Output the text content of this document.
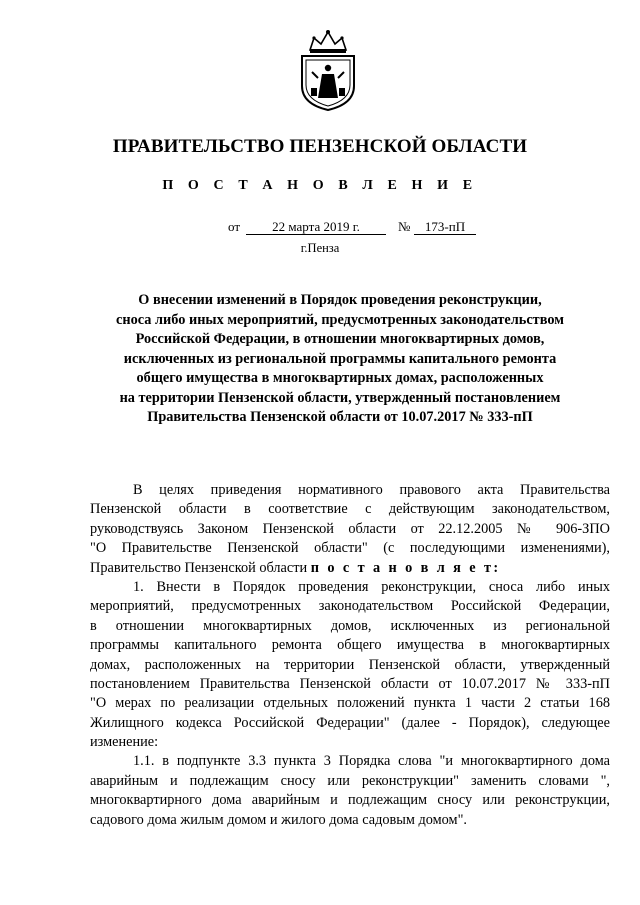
ПРАВИТЕЛЬСТВО ПЕНЗЕНСКОЙ ОБЛАСТИ
П О С Т А Н О В Л Е Н И Е
от	22 марта 2019 г.	№	173-пП
г.Пенза
О внесении изменений в Порядок проведения реконструкции,
сноса либо иных мероприятий, предусмотренных законодательством
Российской Федерации, в отношении многоквартирных домов,
исключенных из региональной программы капитального ремонта
общего имущества в многоквартирных домах, расположенных
на территории Пензенской области, утвержденный постановлением
Правительства Пензенской области от 10.07.2017 № 333-пП
В целях приведения нормативного правового акта Правительства
Пензенской области в соответствие с действующим законодательством,
руководствуясь Законом Пензенской области от 22.12.2005 № 906-ЗПО
"О Правительстве Пензенской области" (с последующими изменениями),
Правительство Пензенской области п о с т а н о в л я е т:
1. Внести в Порядок проведения реконструкции, сноса либо иных
мероприятий, предусмотренных законодательством Российской Федерации,
в отношении многоквартирных домов, исключенных из региональной
программы капитального ремонта общего имущества в многоквартирных
домах, расположенных на территории Пензенской области, утвержденный
постановлением Правительства Пензенской области от 10.07.2017 № 333-пП
"О мерах по реализации отдельных положений пункта 1 части 2 статьи 168
Жилищного кодекса Российской Федерации" (далее - Порядок), следующее
изменение:
1.1. в подпункте 3.3 пункта 3 Порядка слова "и многоквартирного дома
аварийным и подлежащим сносу или реконструкции" заменить словами ",
многоквартирного дома аварийным и подлежащим сносу или реконструкции,
садового дома жилым домом и жилого дома садовым домом".
